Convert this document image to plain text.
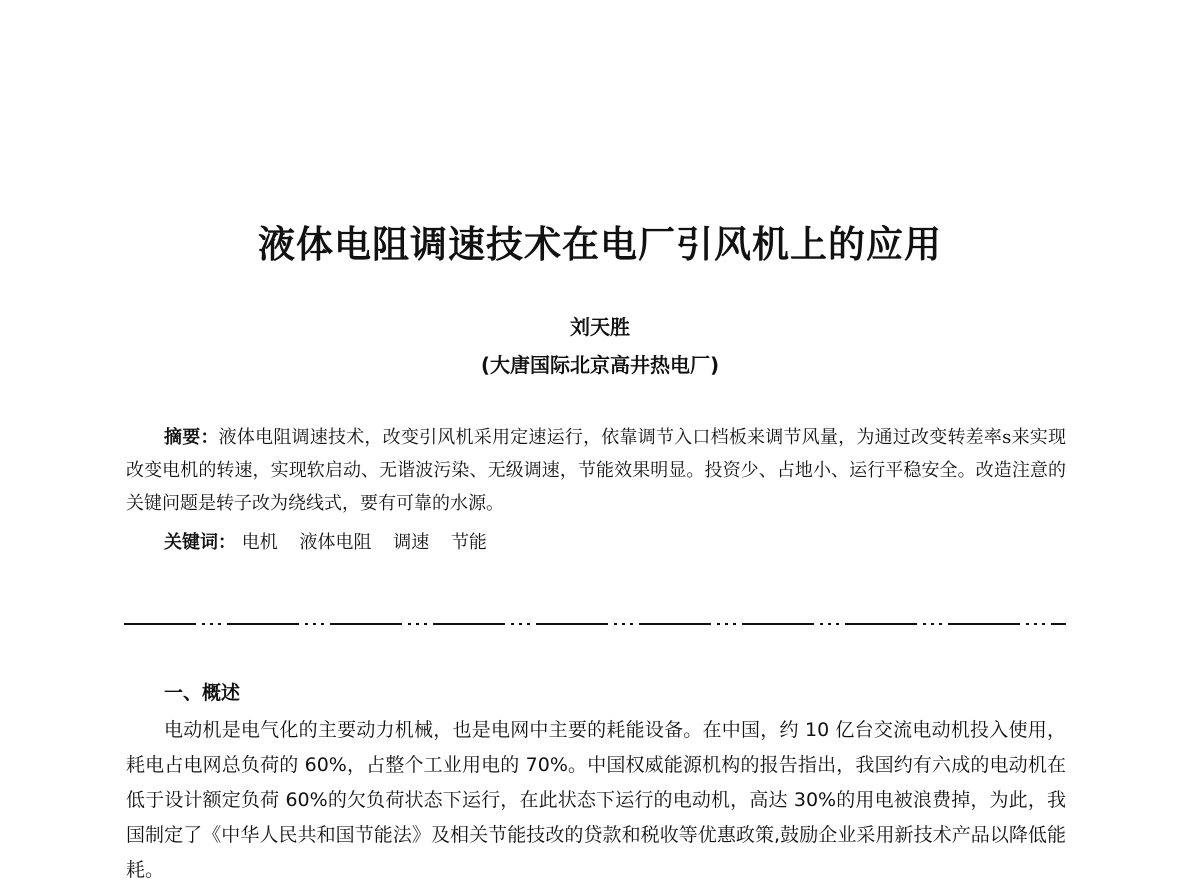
液体电阻调速技术在电厂引风机上的应用
刘天胜
(大唐国际北京高井热电厂)

摘要：液体电阻调速技术，改变引风机采用定速运行，依靠调节入口档板来调节风量，为通过改变转差率s来实现改变电机的转速，实现软启动、无谐波污染、无级调速，节能效果明显。投资少、占地小、运行平稳安全。改造注意的关键问题是转子改为绕线式，要有可靠的水源。

关键词： 电机 液体电阻 调速 节能
一、概述

电动机是电气化的主要动力机械，也是电网中主要的耗能设备。在中国，约 10 亿台交流电动机投入使用，耗电占电网总负荷的 60%，占整个工业用电的 70%。中国权威能源机构的报告指出，我国约有六成的电动机在低于设计额定负荷 60%的欠负荷状态下运行，在此状态下运行的电动机，高达 30%的用电被浪费掉，为此，我国制定了《中华人民共和国节能法》及相关节能技改的贷款和税收等优惠政策,鼓励企业采用新技术产品以降低能耗。
